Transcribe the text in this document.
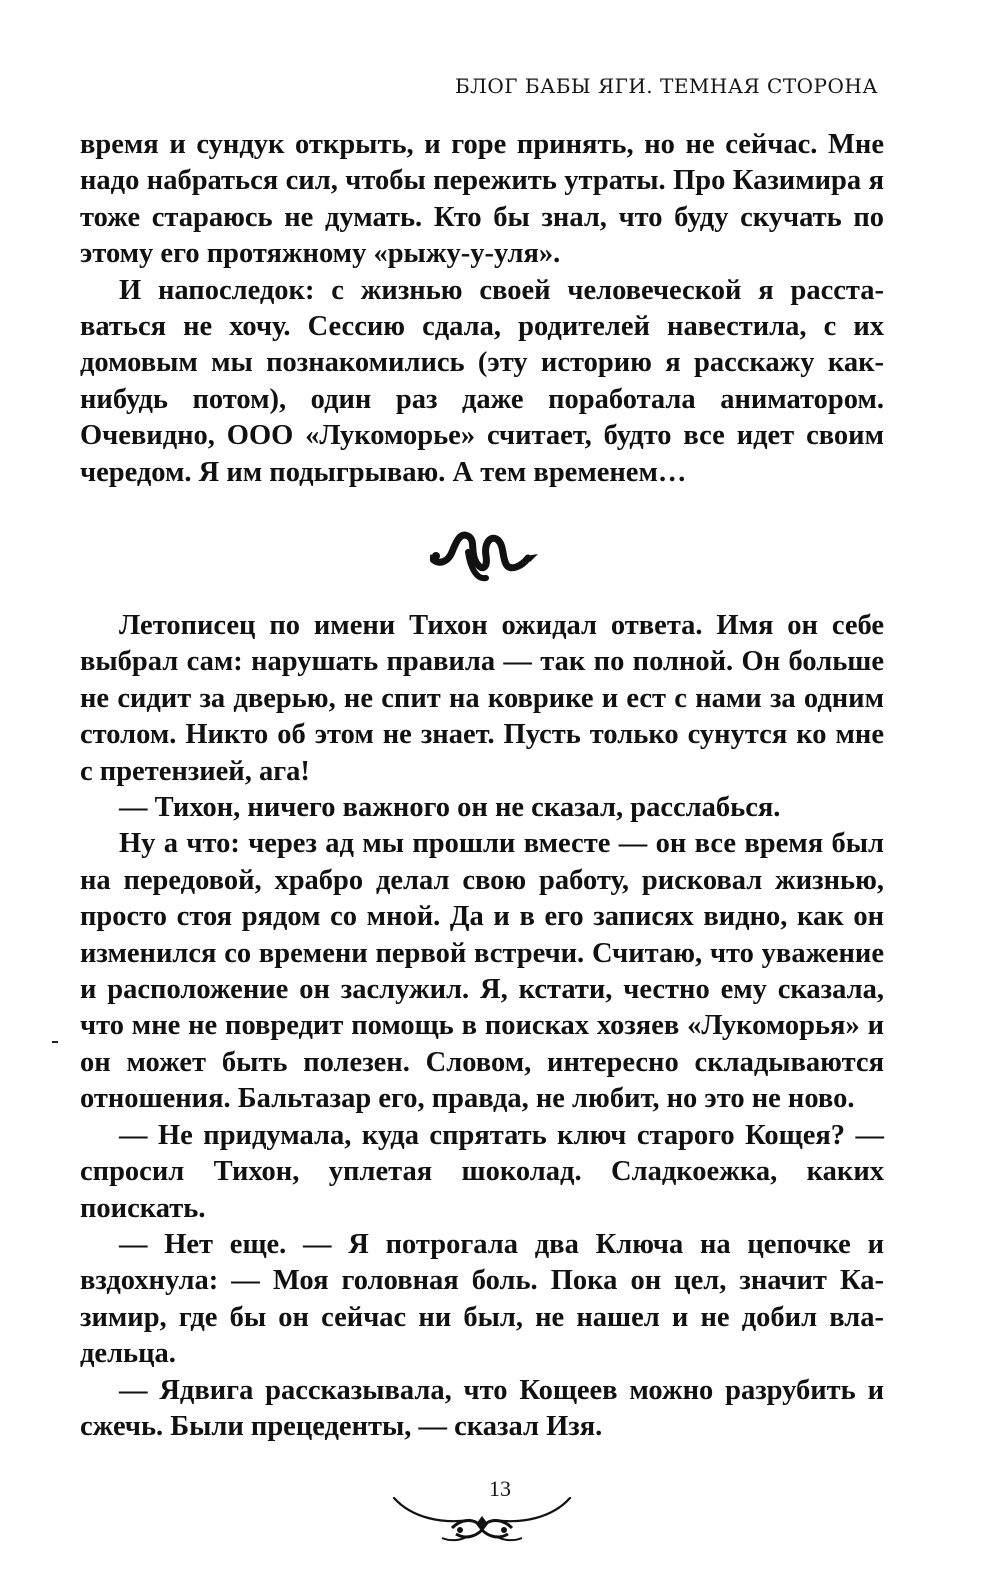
БЛОГ БАБЫ ЯГИ. ТЕМНАЯ СТОРОНА

время и сундук открыть, и горе принять, но не сейчас. Мне надо набраться сил, чтобы пережить утраты. Про Казимира я тоже стараюсь не думать. Кто бы знал, что буду скучать по этому его протяжному «рыжу-у-уля».

И напоследок: с жизнью своей человеческой я расставаться не хочу. Сессию сдала, родителей навестила, с их домовым мы познакомились (эту историю я расскажу как-нибудь потом), один раз даже поработала аниматором. Очевидно, ООО «Лукоморье» считает, будто все идет своим чередом. Я им подыгрываю. А тем временем…

Летописец по имени Тихон ожидал ответа. Имя он себе выбрал сам: нарушать правила — так по полной. Он больше не сидит за дверью, не спит на коврике и ест с нами за одним столом. Никто об этом не знает. Пусть только сунутся ко мне с претензией, ага!

— Тихон, ничего важного он не сказал, расслабься.

Ну а что: через ад мы прошли вместе — он все время был на передовой, храбро делал свою работу, рисковал жизнью, просто стоя рядом со мной. Да и в его записях видно, как он изменился со времени первой встречи. Считаю, что уважение и расположение он заслужил. Я, кстати, честно ему сказала, что мне не повредит помощь в поисках хозяев «Лукоморья» и он может быть полезен. Словом, интересно складываются отношения. Бальтазар его, правда, не любит, но это не ново.

— Не придумала, куда спрятать ключ старого Кощея? — спросил Тихон, уплетая шоколад. Сладкоежка, каких поискать.

— Нет еще. — Я потрогала два Ключа на цепочке и вздохнула: — Моя головная боль. Пока он цел, значит Казимир, где бы он сейчас ни был, не нашел и не добил владельца.

— Ядвига рассказывала, что Кощеев можно разрубить и сжечь. Были прецеденты, — сказал Изя.

13
